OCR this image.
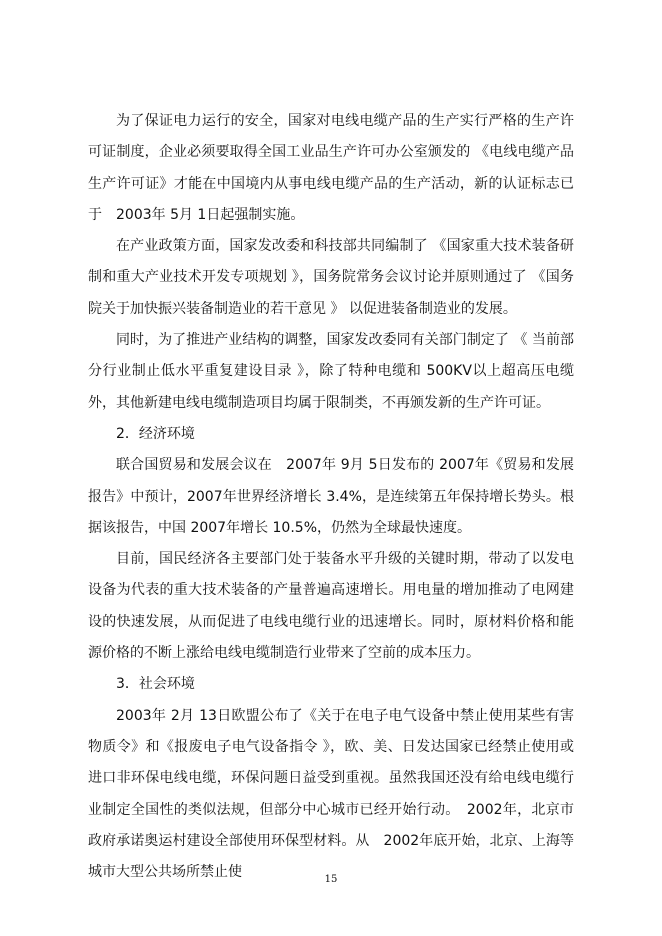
为了保证电力运行的安全，国家对电线电缆产品的生产实行严格的生产许可证制度，企业必须要取得全国工业品生产许可办公室颁发的 《电线电缆产品生产许可证》才能在中国境内从事电线电缆产品的生产活动，新的认证标志已于　2003年 5月 1日起强制实施。

在产业政策方面，国家发改委和科技部共同编制了 《国家重大技术装备研制和重大产业技术开发专项规划 》，国务院常务会议讨论并原则通过了 《国务院关于加快振兴装备制造业的若干意见 》 以促进装备制造业的发展。

同时，为了推进产业结构的调整，国家发改委同有关部门制定了 《 当前部分行业制止低水平重复建设目录 》，除了特种电缆和 500KV以上超高压电缆外，其他新建电线电缆制造项目均属于限制类，不再颁发新的生产许可证。

2．经济环境

联合国贸易和发展会议在　2007年 9月 5日发布的 2007年《贸易和发展报告》中预计，2007年世界经济增长 3.4%，是连续第五年保持增长势头。根据该报告，中国 2007年增长 10.5%，仍然为全球最快速度。

目前，国民经济各主要部门处于装备水平升级的关键时期，带动了以发电设备为代表的重大技术装备的产量普遍高速增长。用电量的增加推动了电网建设的快速发展，从而促进了电线电缆行业的迅速增长。同时，原材料价格和能源价格的不断上涨给电线电缆制造行业带来了空前的成本压力。

3．社会环境

2003年 2月 13日欧盟公布了《关于在电子电气设备中禁止使用某些有害物质令》和《报废电子电气设备指令 》，欧、美、日发达国家已经禁止使用或进口非环保电线电缆，环保问题日益受到重视。虽然我国还没有给电线电缆行业制定全国性的类似法规，但部分中心城市已经开始行动。　2002年，北京市政府承诺奥运村建设全部使用环保型材料。从　2002年底开始，北京、上海等城市大型公共场所禁止使	15
